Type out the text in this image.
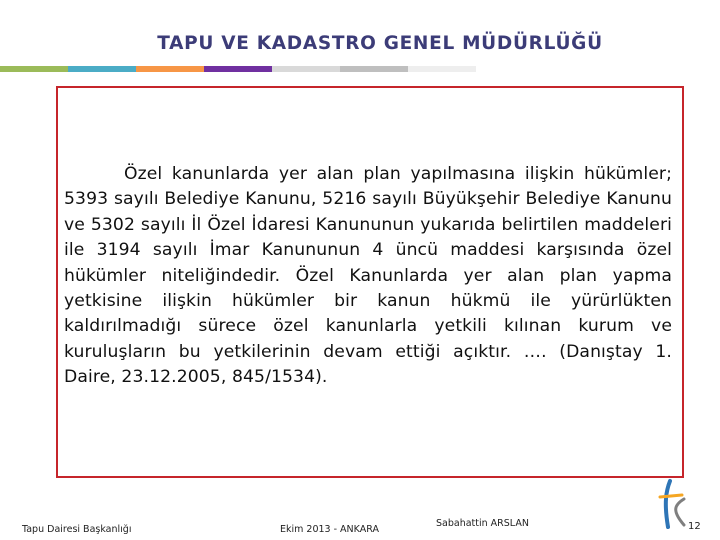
TAPU VE KADASTRO GENEL MÜDÜRLÜĞÜ

Özel kanunlarda yer alan plan yapılmasına ilişkin hükümler; 5393 sayılı Belediye Kanunu, 5216 sayılı Büyükşehir Belediye Kanunu ve 5302 sayılı İl Özel İdaresi Kanununun yukarıda belirtilen maddeleri ile 3194 sayılı İmar Kanununun 4 üncü maddesi karşısında özel hükümler niteliğindedir. Özel Kanunlarda yer alan plan yapma yetkisine ilişkin hükümler bir kanun hükmü ile yürürlükten kaldırılmadığı sürece özel kanunlarla yetkili kılınan kurum ve kuruluşların bu yetkilerinin devam ettiği açıktır. …. (Danıştay 1. Daire, 23.12.2005, 845/1534).

Tapu Dairesi Başkanlığı	Ekim 2013 - ANKARA
Sabahattin ARSLAN	12
